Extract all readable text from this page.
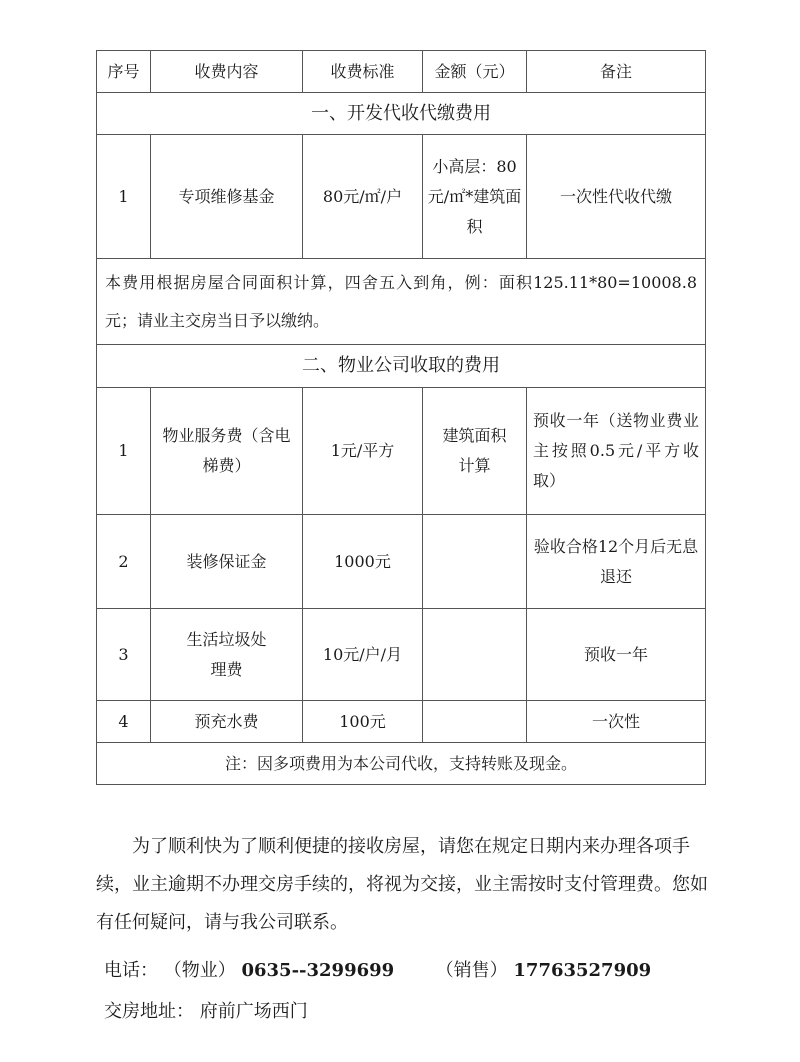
序号	收费内容	收费标准	金额（元）	备注
一、开发代收代缴费用				
1	专项维修基金	80元/㎡/户	小高层：80元/㎡*建筑面积	一次性代收代缴
本费用根据房屋合同面积计算，四舍五入到角，例：面积125.11*80=10008.8元；请业主交房当日予以缴纳。				
二、物业公司收取的费用				
1	物业服务费（含电梯费）	1元/平方	建筑面积计算	预收一年（送物业费业主按照0.5元/平方收取）
2	装修保证金	1000元		验收合格12个月后无息退还
3	生活垃圾处理费	10元/户/月		预收一年
4	预充水费	100元		一次性
注：因多项费用为本公司代收，支持转账及现金。				
为了顺利快为了顺利便捷的接收房屋，请您在规定日期内来办理各项手续，业主逾期不办理交房手续的，将视为交接，业主需按时支付管理费。您如有任何疑问，请与我公司联系。
电话： （物业） 0635--3299699 （销售） 17763527909
交房地址： 府前广场西门
